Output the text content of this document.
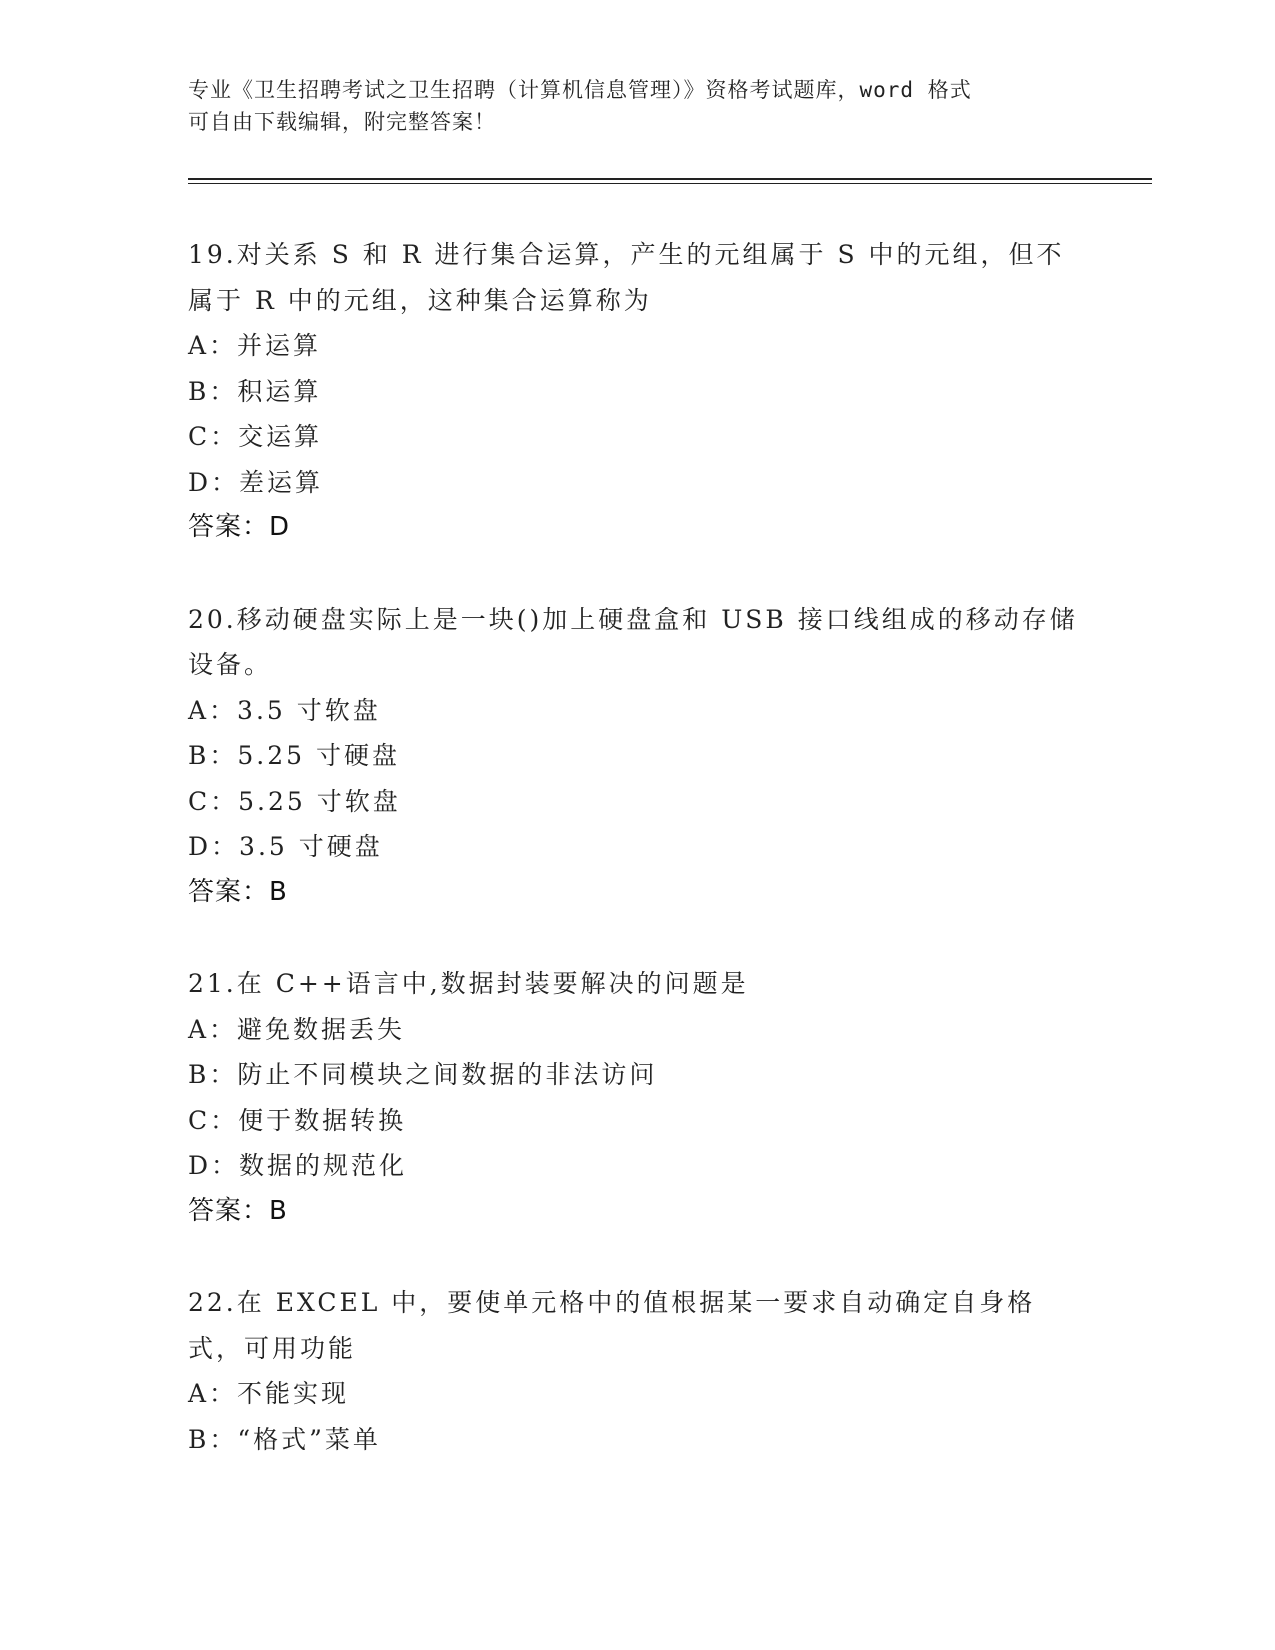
专业《卫生招聘考试之卫生招聘（计算机信息管理）》资格考试题库，word 格式
可自由下载编辑，附完整答案！
19.对关系 S 和 R 进行集合运算，产生的元组属于 S 中的元组，但不属于 R 中的元组，这种集合运算称为
A：并运算
B：积运算
C：交运算
D：差运算
答案：D
20.移动硬盘实际上是一块()加上硬盘盒和 USB 接口线组成的移动存储设备。
A：3.5 寸软盘
B：5.25 寸硬盘
C：5.25 寸软盘
D：3.5 寸硬盘
答案：B
21.在 C++语言中,数据封装要解决的问题是
A：避免数据丢失
B：防止不同模块之间数据的非法访问
C：便于数据转换
D：数据的规范化
答案：B
22.在 EXCEL 中，要使单元格中的值根据某一要求自动确定自身格式，可用功能
A：不能实现
B：“格式”菜单
